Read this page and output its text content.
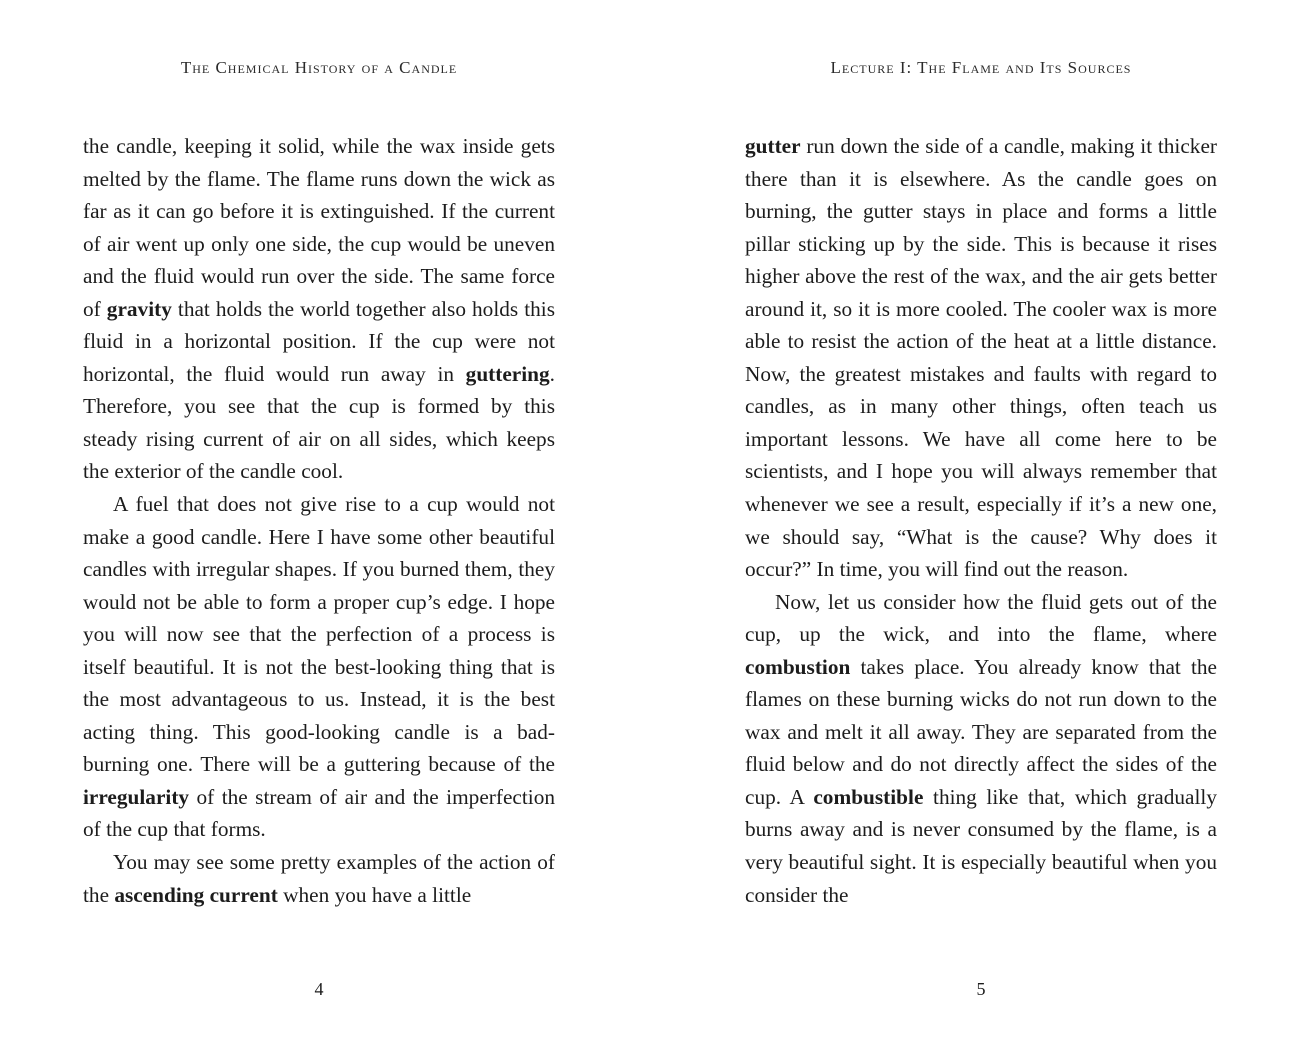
The Chemical History of a Candle

the candle, keeping it solid, while the wax inside gets melted by the flame. The flame runs down the wick as far as it can go before it is extinguished. If the current of air went up only one side, the cup would be uneven and the fluid would run over the side. The same force of gravity that holds the world together also holds this fluid in a horizontal position. If the cup were not horizontal, the fluid would run away in guttering. Therefore, you see that the cup is formed by this steady rising current of air on all sides, which keeps the exterior of the candle cool.

A fuel that does not give rise to a cup would not make a good candle. Here I have some other beautiful candles with irregular shapes. If you burned them, they would not be able to form a proper cup’s edge. I hope you will now see that the perfection of a process is itself beautiful. It is not the best-looking thing that is the most advantageous to us. Instead, it is the best acting thing. This good-looking candle is a bad-burning one. There will be a guttering because of the irregularity of the stream of air and the imperfection of the cup that forms.

You may see some pretty examples of the action of the ascending current when you have a little

4
Lecture I: The Flame and Its Sources

gutter run down the side of a candle, making it thicker there than it is elsewhere. As the candle goes on burning, the gutter stays in place and forms a little pillar sticking up by the side. This is because it rises higher above the rest of the wax, and the air gets better around it, so it is more cooled. The cooler wax is more able to resist the action of the heat at a little distance. Now, the greatest mistakes and faults with regard to candles, as in many other things, often teach us important lessons. We have all come here to be scientists, and I hope you will always remember that whenever we see a result, especially if it’s a new one, we should say, “What is the cause? Why does it occur?” In time, you will find out the reason.

Now, let us consider how the fluid gets out of the cup, up the wick, and into the flame, where combustion takes place. You already know that the flames on these burning wicks do not run down to the wax and melt it all away. They are separated from the fluid below and do not directly affect the sides of the cup. A combustible thing like that, which gradually burns away and is never consumed by the flame, is a very beautiful sight. It is especially beautiful when you consider the

5
